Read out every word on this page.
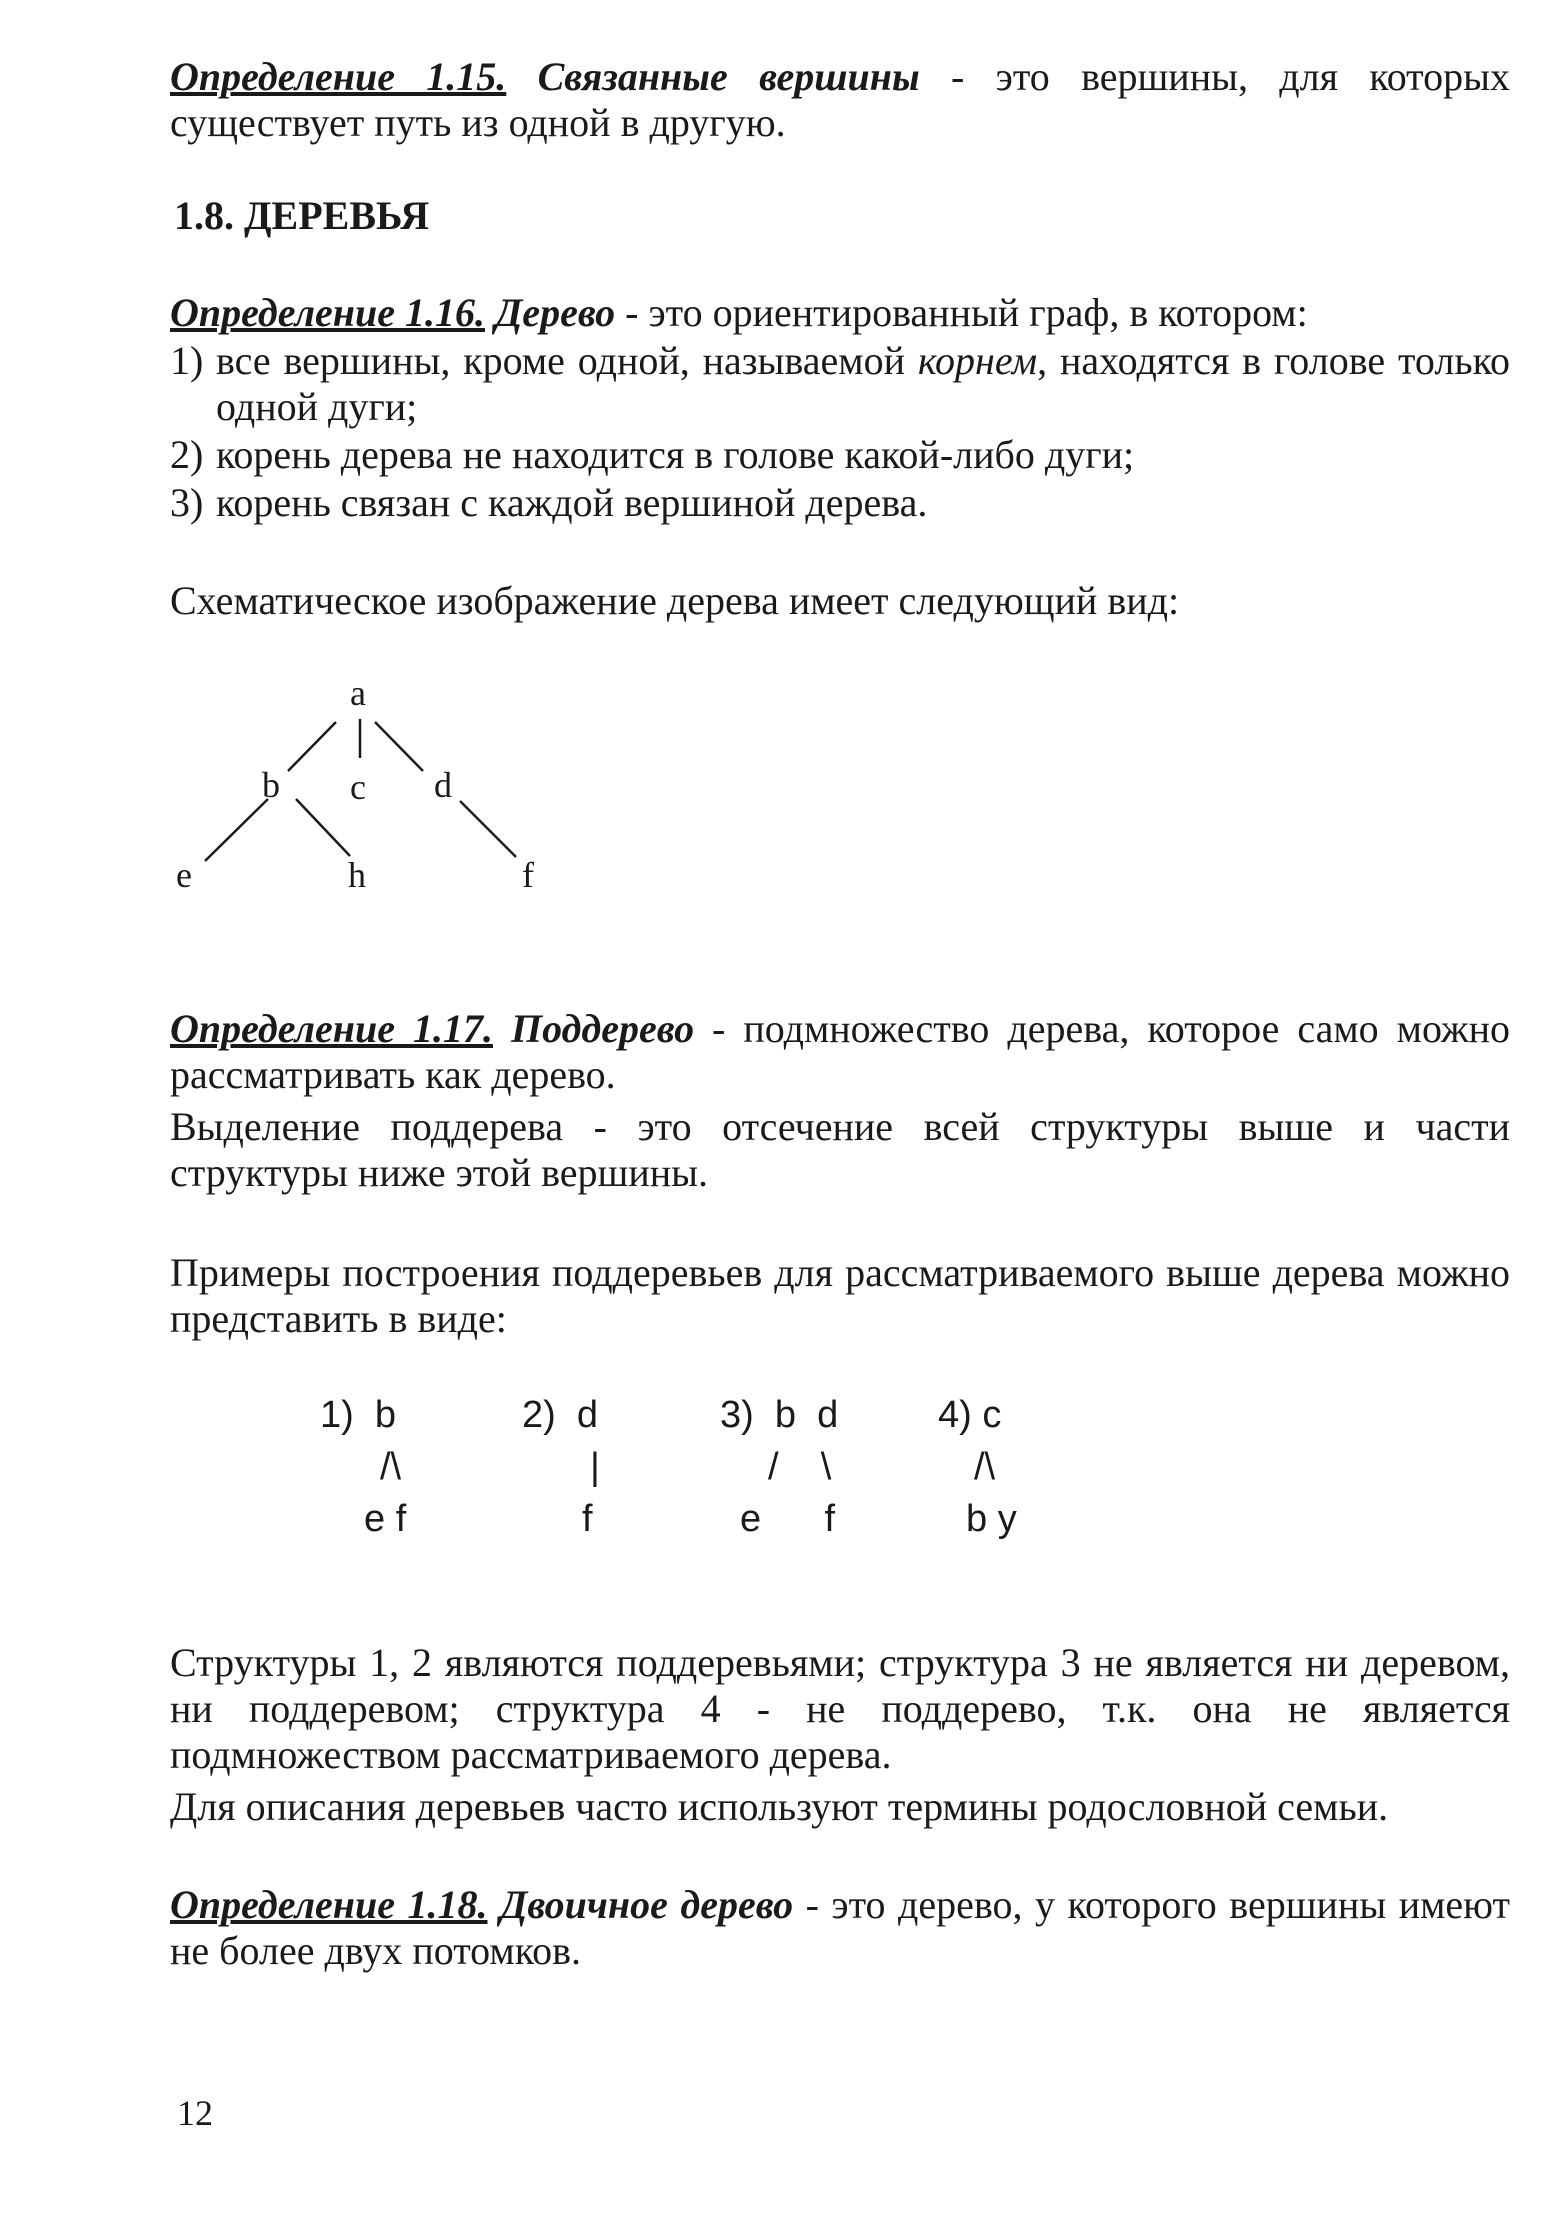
Определение 1.15. Связанные вершины - это вершины, для которых существует путь из одной в другую.

1.8. ДЕРЕВЬЯ

Определение 1.16. Дерево - это ориентированный граф, в котором:

1) все вершины, кроме одной, называемой корнем, находятся в голове только одной дуги;
2) корень дерева не находится в голове какой-либо дуги;
3) корень связан с каждой вершиной дерева.

Схематическое изображение дерева имеет следующий вид:

a
b c d
e	h	f

Определение 1.17. Поддерево - подмножество дерева, которое само можно рассматривать как дерево.

Выделение поддерева - это отсечение всей структуры выше и части структуры ниже этой вершины.

Примеры построения поддеревьев для рассматриваемого выше дерева можно представить в виде:

1)  b
/\
e f
2)  d
|
f
3)  b  d
/    \
e      f
4) c
/\
b y

Структуры 1, 2 являются поддеревьями; структура 3 не является ни деревом, ни поддеревом; структура 4 - не поддерево, т.к. она не является подмножеством рассматриваемого дерева.

Для описания деревьев часто используют термины родословной семьи.

Определение 1.18. Двоичное дерево - это дерево, у которого вершины имеют не более двух потомков.

12
